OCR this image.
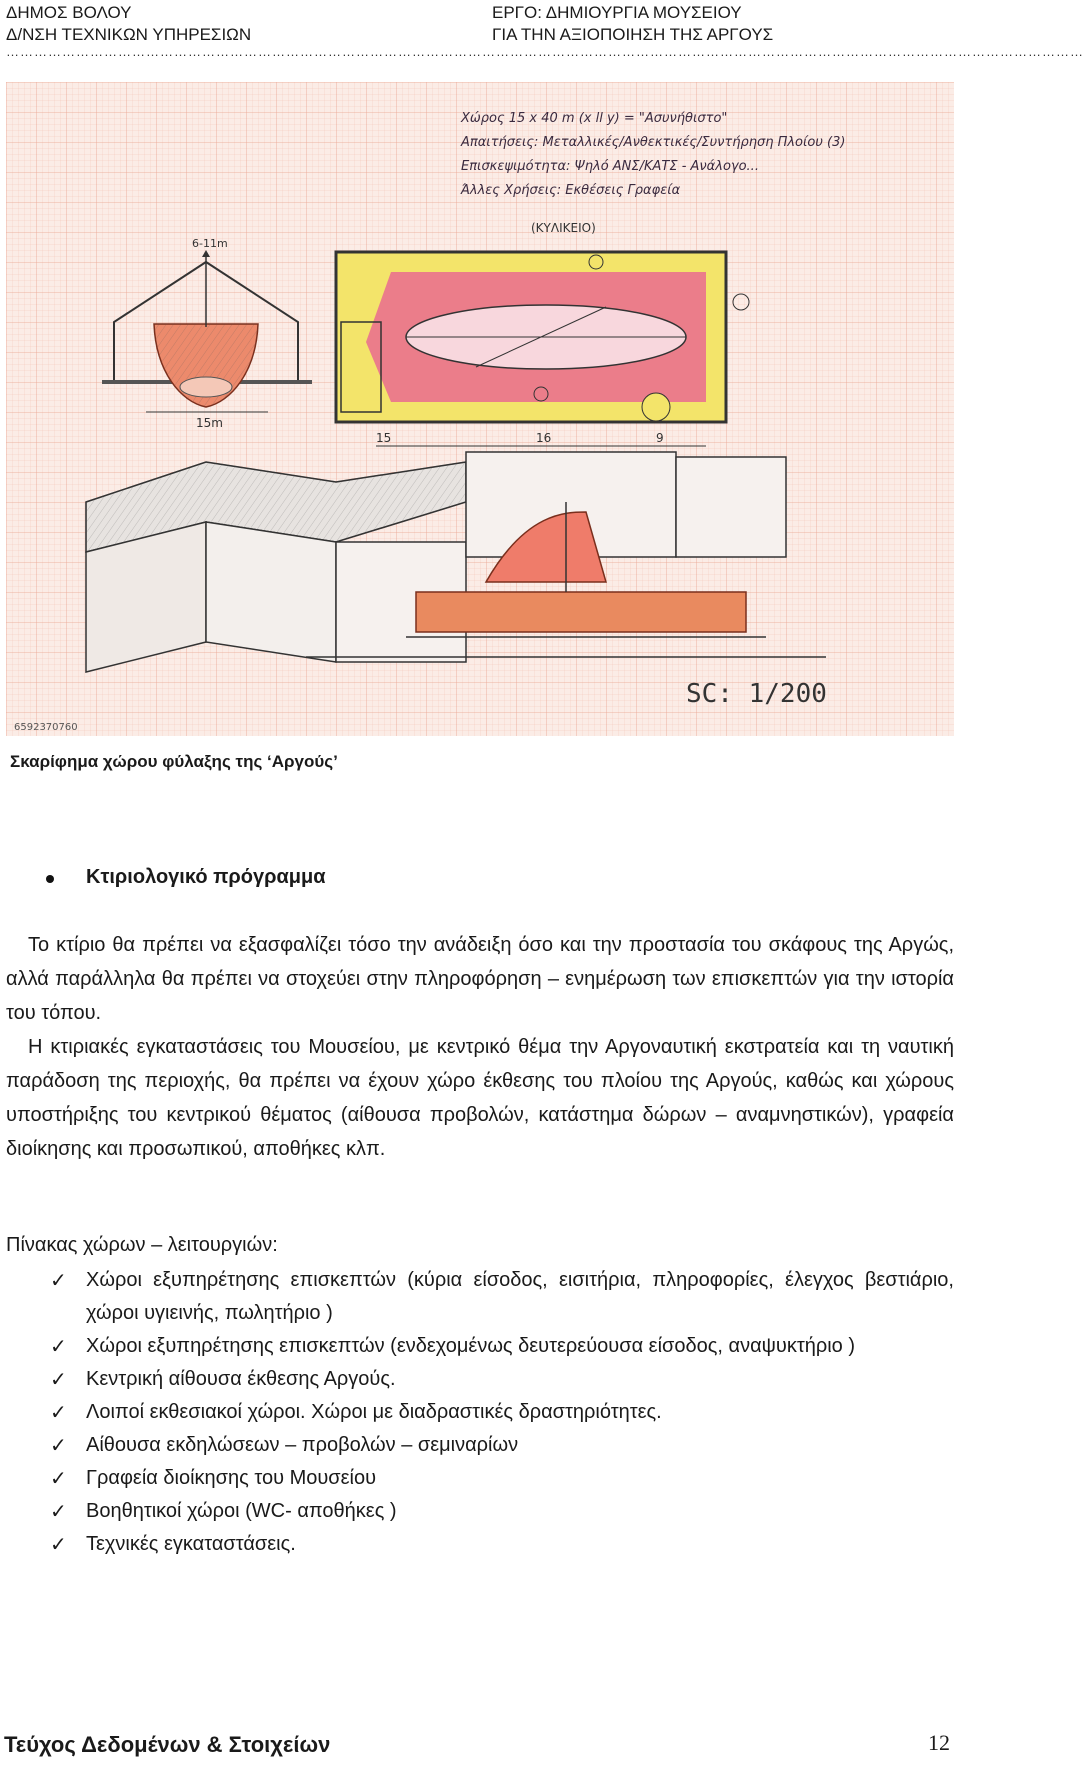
ΔΗΜΟΣ ΒΟΛΟΥ
Δ/ΝΣΗ ΤΕΧΝΙΚΩΝ ΥΠΗΡΕΣΙΩΝ
ΕΡΓΟ: ΔΗΜΙΟΥΡΓΙΑ ΜΟΥΣΕΙΟΥ
ΓΙΑ ΤΗΝ ΑΞΙΟΠΟΙΗΣΗ ΤΗΣ ΑΡΓΟΥΣ
……………………………………………………………………………………………………………………………………………………………………………………………………………
Χώρος 15 x 40 m (x ll y) = "Ασυνήθιστο"
Απαιτήσεις: Μεταλλικές/Ανθεκτικές/Συντήρηση Πλοίου (3)
Επισκεψιμότητα: Ψηλό ΑΝΣ/ΚΑΤΣ - Ανάλογο...
Άλλες Χρήσεις: Εκθέσεις Γραφεία
6-11m
15m
(ΚΥΛΙΚΕΙΟ)
15	16	9
SC: 1/200
6592370760
Σκαρίφημα χώρου φύλαξης της ‘Αργούς’
Κτιριολογικό πρόγραμμα
Το κτίριο θα πρέπει να εξασφαλίζει τόσο την ανάδειξη όσο και την προστασία του σκάφους της Αργώς, αλλά παράλληλα θα πρέπει να στοχεύει στην πληροφόρηση – ενημέρωση των επισκεπτών για την ιστορία του τόπου.
Η κτιριακές εγκαταστάσεις του Μουσείου, με κεντρικό θέμα την Αργοναυτική εκστρατεία και τη ναυτική παράδοση της περιοχής, θα πρέπει να έχουν χώρο έκθεσης του πλοίου της Αργούς, καθώς και χώρους υποστήριξης του κεντρικού θέματος (αίθουσα προβολών, κατάστημα δώρων – αναμνηστικών), γραφεία διοίκησης και προσωπικού, αποθήκες κλπ.
Πίνακας χώρων – λειτουργιών:
✓ Χώροι εξυπηρέτησης επισκεπτών (κύρια είσοδος, εισιτήρια, πληροφορίες, έλεγχος βεστιάριο, χώροι υγιεινής, πωλητήριο )
✓ Χώροι εξυπηρέτησης επισκεπτών (ενδεχομένως δευτερεύουσα είσοδος, αναψυκτήριο )
✓ Κεντρική αίθουσα έκθεσης Αργούς.
✓ Λοιποί εκθεσιακοί χώροι. Χώροι με διαδραστικές δραστηριότητες.
✓ Αίθουσα εκδηλώσεων – προβολών – σεμιναρίων
✓ Γραφεία διοίκησης του Μουσείου
✓ Βοηθητικοί χώροι (WC- αποθήκες )
✓ Τεχνικές εγκαταστάσεις.
Τεύχος Δεδομένων & Στοιχείων	12
